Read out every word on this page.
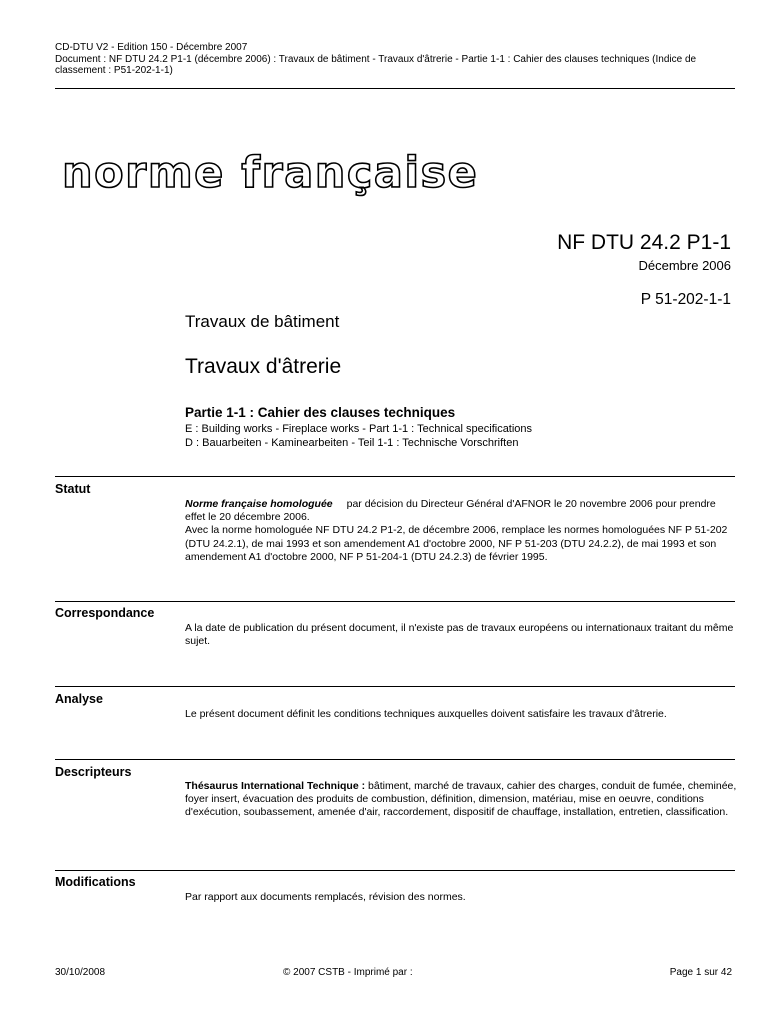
CD-DTU V2 - Edition 150 - Décembre 2007
Document : NF DTU 24.2 P1-1 (décembre 2006) : Travaux de bâtiment - Travaux d'âtrerie - Partie 1-1 : Cahier des clauses techniques (Indice de classement : P51-202-1-1)
norme française
NF DTU 24.2 P1-1
Décembre 2006
P 51-202-1-1
Travaux de bâtiment
Travaux d'âtrerie
Partie 1-1 : Cahier des clauses techniques
E : Building works - Fireplace works - Part 1-1 : Technical specifications
D : Bauarbeiten - Kaminearbeiten - Teil 1-1 : Technische Vorschriften
Statut

Norme française homologuée par décision du Directeur Général d'AFNOR le 20 novembre 2006 pour prendre effet le 20 décembre 2006.

Avec la norme homologuée NF DTU 24.2 P1-2, de décembre 2006, remplace les normes homologuées NF P 51-202 (DTU 24.2.1), de mai 1993 et son amendement A1 d'octobre 2000, NF P 51-203 (DTU 24.2.2), de mai 1993 et son amendement A1 d'octobre 2000, NF P 51-204-1 (DTU 24.2.3) de février 1995.

Correspondance
A la date de publication du présent document, il n'existe pas de travaux européens ou internationaux traitant du même sujet.
Analyse
Le présent document définit les conditions techniques auxquelles doivent satisfaire les travaux d'âtrerie.
Descripteurs

Thésaurus International Technique : bâtiment, marché de travaux, cahier des charges, conduit de fumée, cheminée, foyer insert, évacuation des produits de combustion, définition, dimension, matériau, mise en oeuvre, conditions d'exécution, soubassement, amenée d'air, raccordement, dispositif de chauffage, installation, entretien, classification.

Modifications
Par rapport aux documents remplacés, révision des normes.
30/10/2008	© 2007 CSTB - Imprimé par :	Page 1 sur 42
